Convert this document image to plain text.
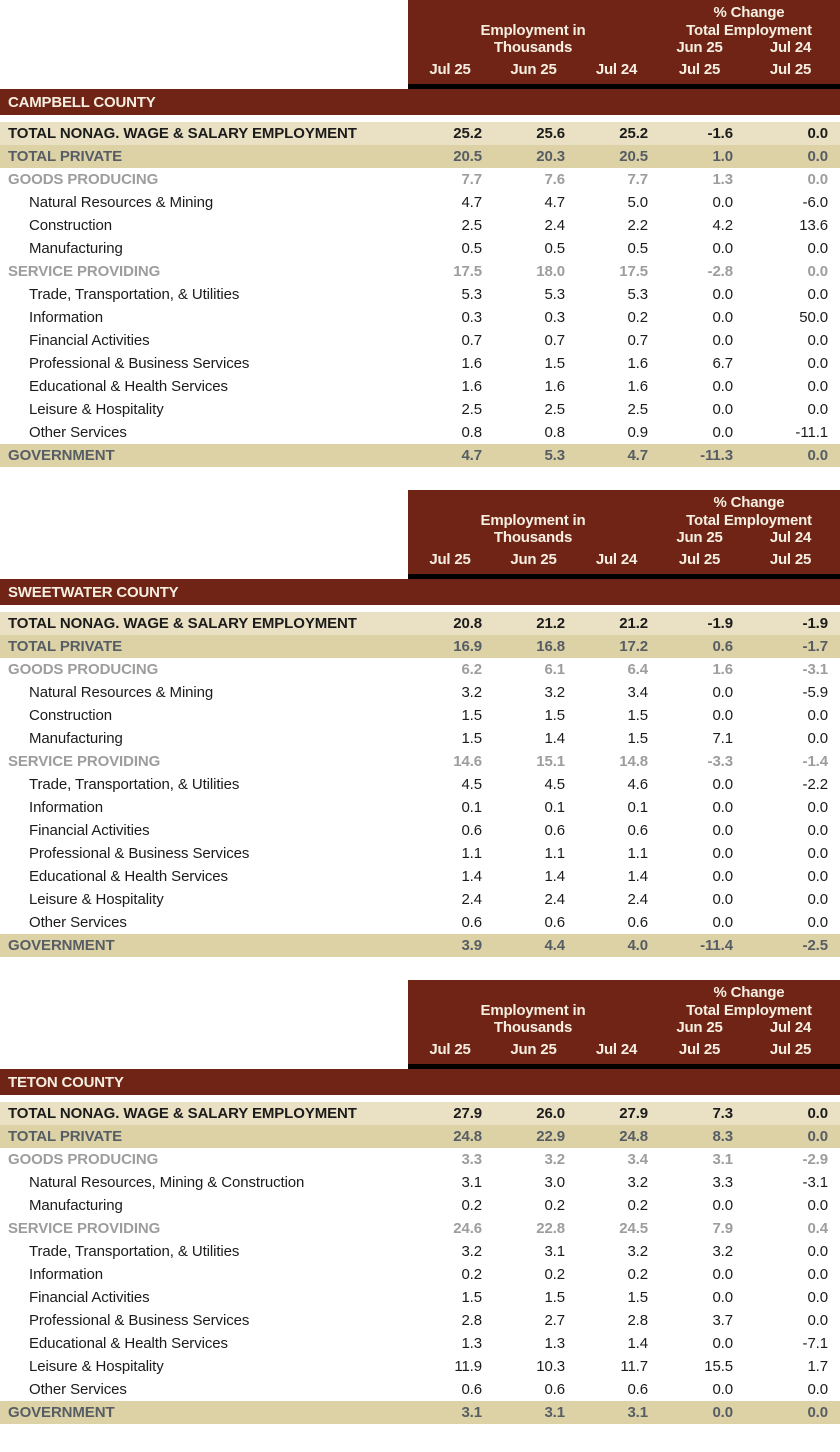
% Change
Employment in	Total Employment
Thousands	Jun 25	Jul 24
Jul 25	Jun 25	Jul 24	Jul 25	Jul 25
CAMPBELL COUNTY
TOTAL NONAG. WAGE & SALARY EMPLOYMENT	25.2	25.6	25.2	-1.6	0.0
TOTAL PRIVATE	20.5	20.3	20.5	1.0	0.0
GOODS PRODUCING	7.7	7.6	7.7	1.3	0.0
Natural Resources & Mining	4.7	4.7	5.0	0.0	-6.0
Construction	2.5	2.4	2.2	4.2	13.6
Manufacturing	0.5	0.5	0.5	0.0	0.0
SERVICE PROVIDING	17.5	18.0	17.5	-2.8	0.0
Trade, Transportation, & Utilities	5.3	5.3	5.3	0.0	0.0
Information	0.3	0.3	0.2	0.0	50.0
Financial Activities	0.7	0.7	0.7	0.0	0.0
Professional & Business Services	1.6	1.5	1.6	6.7	0.0
Educational & Health Services	1.6	1.6	1.6	0.0	0.0
Leisure & Hospitality	2.5	2.5	2.5	0.0	0.0
Other Services	0.8	0.8	0.9	0.0	-11.1
GOVERNMENT	4.7	5.3	4.7	-11.3	0.0
% Change
Employment in	Total Employment
Thousands	Jun 25	Jul 24
Jul 25	Jun 25	Jul 24	Jul 25	Jul 25
SWEETWATER COUNTY
TOTAL NONAG. WAGE & SALARY EMPLOYMENT	20.8	21.2	21.2	-1.9	-1.9
TOTAL PRIVATE	16.9	16.8	17.2	0.6	-1.7
GOODS PRODUCING	6.2	6.1	6.4	1.6	-3.1
Natural Resources & Mining	3.2	3.2	3.4	0.0	-5.9
Construction	1.5	1.5	1.5	0.0	0.0
Manufacturing	1.5	1.4	1.5	7.1	0.0
SERVICE PROVIDING	14.6	15.1	14.8	-3.3	-1.4
Trade, Transportation, & Utilities	4.5	4.5	4.6	0.0	-2.2
Information	0.1	0.1	0.1	0.0	0.0
Financial Activities	0.6	0.6	0.6	0.0	0.0
Professional & Business Services	1.1	1.1	1.1	0.0	0.0
Educational & Health Services	1.4	1.4	1.4	0.0	0.0
Leisure & Hospitality	2.4	2.4	2.4	0.0	0.0
Other Services	0.6	0.6	0.6	0.0	0.0
GOVERNMENT	3.9	4.4	4.0	-11.4	-2.5
% Change
Employment in	Total Employment
Thousands	Jun 25	Jul 24
Jul 25	Jun 25	Jul 24	Jul 25	Jul 25
TETON COUNTY
TOTAL NONAG. WAGE & SALARY EMPLOYMENT	27.9	26.0	27.9	7.3	0.0
TOTAL PRIVATE	24.8	22.9	24.8	8.3	0.0
GOODS PRODUCING	3.3	3.2	3.4	3.1	-2.9
Natural Resources, Mining & Construction	3.1	3.0	3.2	3.3	-3.1
Manufacturing	0.2	0.2	0.2	0.0	0.0
SERVICE PROVIDING	24.6	22.8	24.5	7.9	0.4
Trade, Transportation, & Utilities	3.2	3.1	3.2	3.2	0.0
Information	0.2	0.2	0.2	0.0	0.0
Financial Activities	1.5	1.5	1.5	0.0	0.0
Professional & Business Services	2.8	2.7	2.8	3.7	0.0
Educational & Health Services	1.3	1.3	1.4	0.0	-7.1
Leisure & Hospitality	11.9	10.3	11.7	15.5	1.7
Other Services	0.6	0.6	0.6	0.0	0.0
GOVERNMENT	3.1	3.1	3.1	0.0	0.0
